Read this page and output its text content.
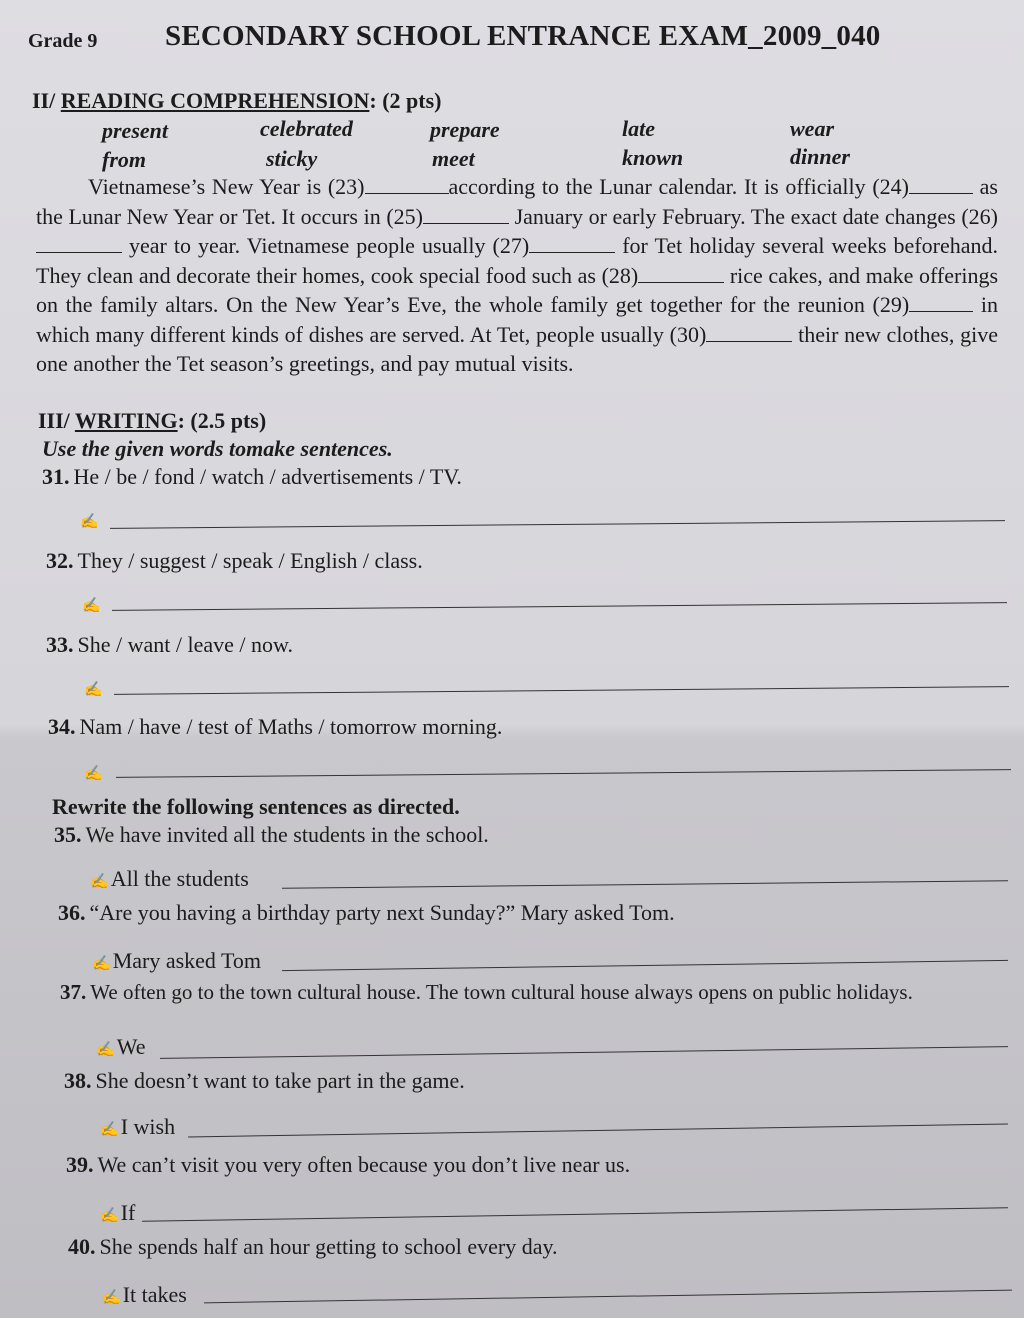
Grade 9 SECONDARY SCHOOL ENTRANCE EXAM_2009_040
II/ READING COMPREHENSION: (2 pts)
present	celebrated	prepare	late	wear
from	sticky	meet	known	dinner

Vietnamese’s New Year is (23)	according to the Lunar calendar. It is officially (24)	as the Lunar New Year or Tet. It occurs in (25)	January or early February. The exact date changes (26) year to year. Vietnamese people usually (27)	for Tet holiday several weeks beforehand. They clean and decorate their homes, cook special food such as (28)	rice cakes, and make offerings on the family altars. On the New Year’s Eve, the whole family get together for the reunion (29)	in which many different kinds of dishes are served. At Tet, people usually (30)	their new clothes, give one another the Tet season’s greetings, and pay mutual visits.

III/ WRITING: (2.5 pts)
Use the given words tomake sentences.
31. He / be / fond / watch / advertisements / TV.
✍
32. They / suggest / speak / English / class.
✍
33. She / want / leave / now.
✍
34. Nam / have / test of Maths / tomorrow morning.
✍
Rewrite the following sentences as directed.
35. We have invited all the students in the school.
✍All the students
36. “Are you having a birthday party next Sunday?” Mary asked Tom.
✍Mary asked Tom
37. We often go to the town cultural house. The town cultural house always opens on public holidays.
✍We
38. She doesn’t want to take part in the game.
✍I wish
39. We can’t visit you very often because you don’t live near us.
✍If
40. She spends half an hour getting to school every day.
✍It takes
